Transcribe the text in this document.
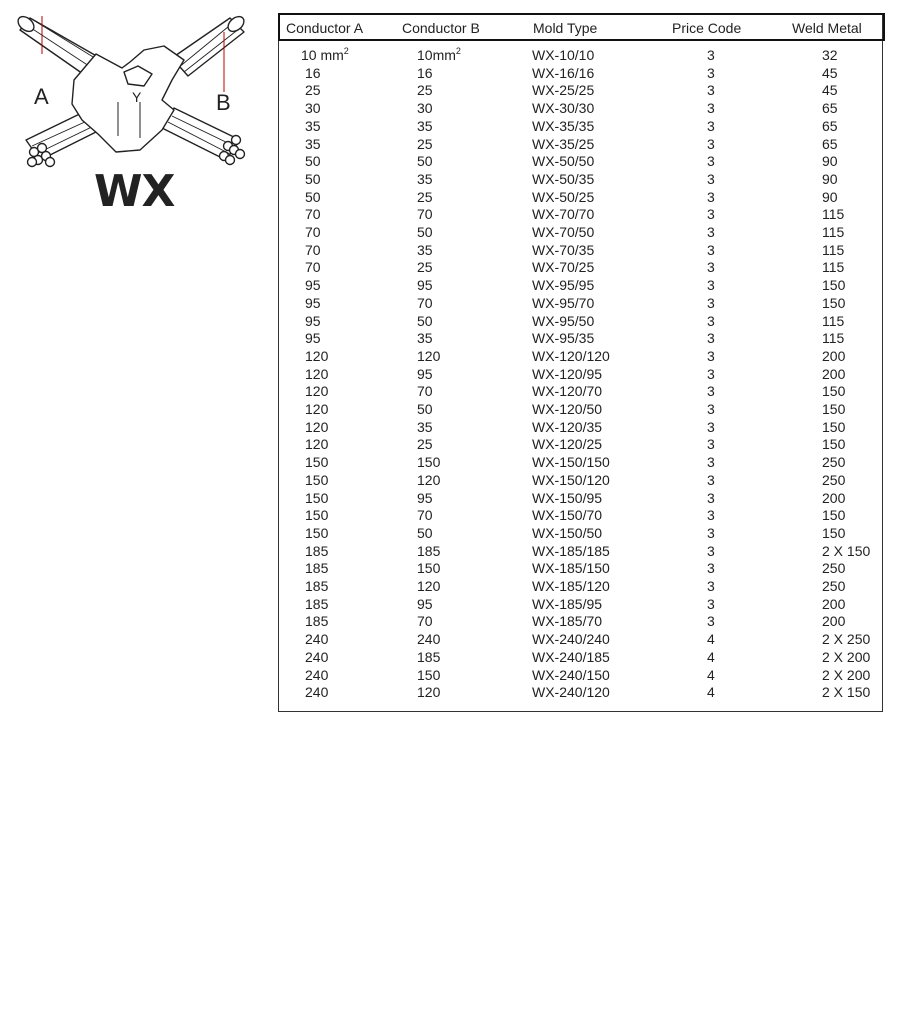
A	B
Y
WX
Conductor A	Conductor B	Mold Type	Price Code	Weld Metal
10 $mm^2$	$10mm^2$	WX-10/10	3	32
16	16	WX-16/16	3	45
25	25	WX-25/25	3	45
30	30	WX-30/30	3	65
35	35	WX-35/35	3	65
35	25	WX-35/25	3	65
50	50	WX-50/50	3	90
50	35	WX-50/35	3	90
50	25	WX-50/25	3	90
70	70	WX-70/70	3	115
70	50	WX-70/50	3	115
70	35	WX-70/35	3	115
70	25	WX-70/25	3	115
95	95	WX-95/95	3	150
95	70	WX-95/70	3	150
95	50	WX-95/50	3	115
95	35	WX-95/35	3	115
120	120	WX-120/120	3	200
120	95	WX-120/95	3	200
120	70	WX-120/70	3	150
120	50	WX-120/50	3	150
120	35	WX-120/35	3	150
120	25	WX-120/25	3	150
150	150	WX-150/150	3	250
150	120	WX-150/120	3	250
150	95	WX-150/95	3	200
150	70	WX-150/70	3	150
150	50	WX-150/50	3	150
185	185	WX-185/185	3	2 X 150
185	150	WX-185/150	3	250
185	120	WX-185/120	3	250
185	95	WX-185/95	3	200
185	70	WX-185/70	3	200
240	240	WX-240/240	4	2 X 250
240	185	WX-240/185	4	2 X 200
240	150	WX-240/150	4	2 X 200
240	120	WX-240/120	4	2 X 150
